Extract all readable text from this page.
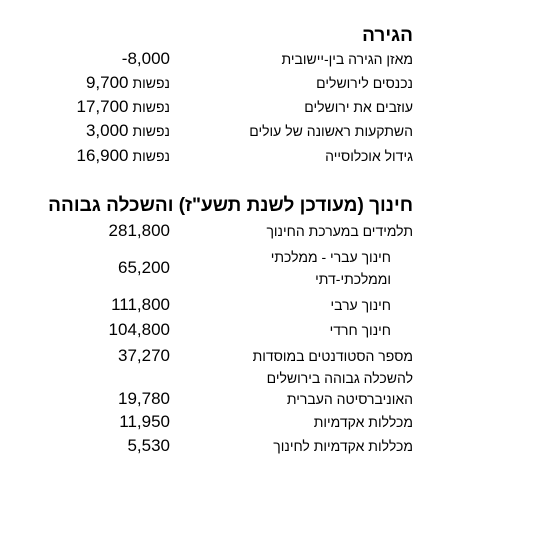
הגירה
מאזן הגירה בין-יישובית
-8,000
נכנסים לירושלים
9,700 נפשות
עוזבים את ירושלים
17,700 נפשות
השתקעות ראשונה של עולים
3,000 נפשות
גידול אוכלוסייה
16,900 נפשות
חינוך (מעודכן לשנת תשע"ז) והשכלה גבוהה
תלמידים במערכת החינוך
281,800
חינוך עברי - ממלכתי
וממלכתי-דתי
65,200
חינוך ערבי
111,800
חינוך חרדי
104,800
מספר הסטודנטים במוסדות
להשכלה גבוהה בירושלים
37,270
האוניברסיטה העברית
19,780
מכללות אקדמיות
11,950
מכללות אקדמיות לחינוך
5,530
